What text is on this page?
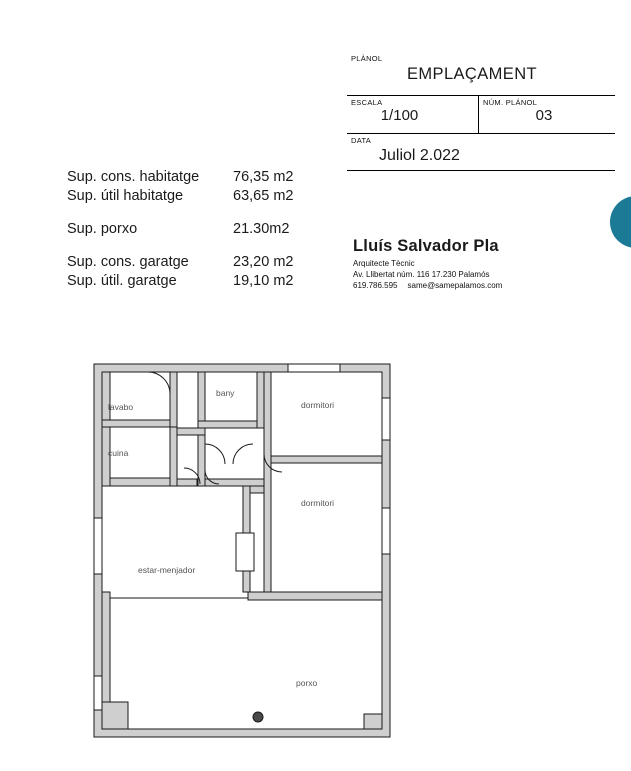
PLÀNOL
EMPLAÇAMENT
ESCALA
1/100
NÚM. PLÁNOL
03
DATA
Juliol 2.022
Lluís Salvador Pla
Arquitecte Tècnic
Av. Llibertat núm. 116 17.230 Palamós
619.786.595 same@samepalamos.com
Sup. cons. habitatge	76,35 m2
Sup. útil habitatge	63,65 m2
Sup. porxo	21.30m2
Sup. cons. garatge	23,20 m2
Sup. útil. garatge	19,10 m2
lavabo
bany
dormitori
cuina
dormitori
estar-menjador
porxo
